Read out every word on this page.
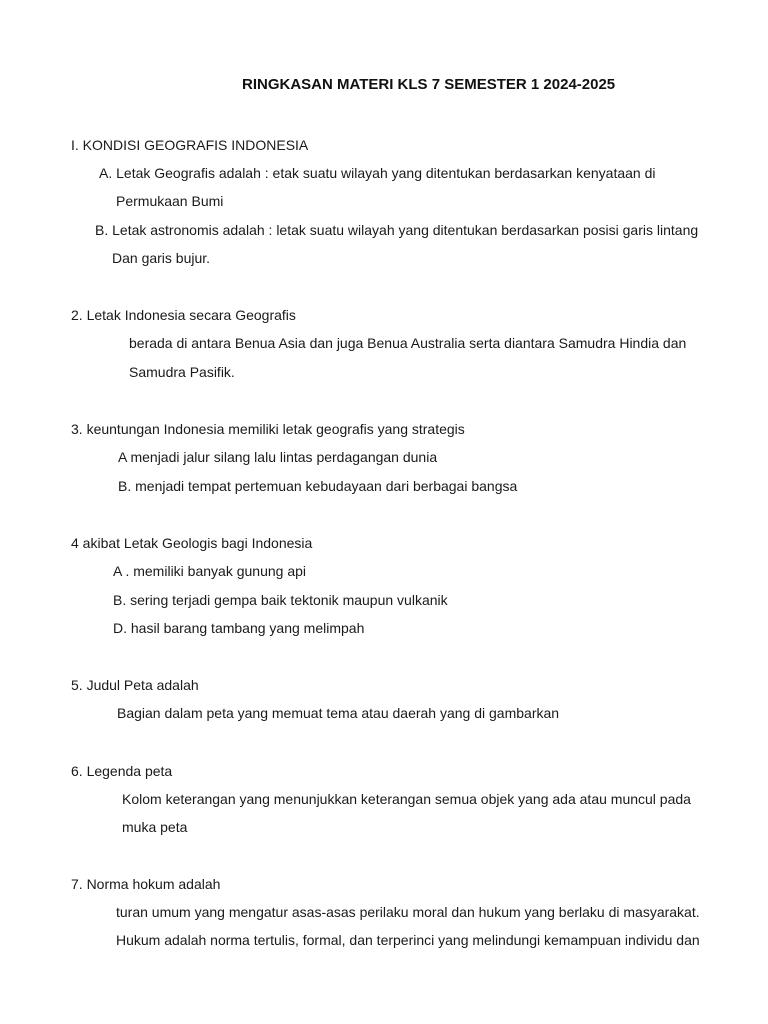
RINGKASAN MATERI KLS 7 SEMESTER 1 2024-2025
I. KONDISI GEOGRAFIS INDONESIA
A. Letak Geografis adalah : etak suatu wilayah yang ditentukan berdasarkan kenyataan di
Permukaan Bumi
B. Letak astronomis adalah : letak suatu wilayah yang ditentukan berdasarkan posisi garis lintang
Dan garis bujur.
2. Letak Indonesia secara Geografis
berada di antara Benua Asia dan juga Benua Australia serta diantara Samudra Hindia dan
Samudra Pasifik.
3. keuntungan Indonesia memiliki letak geografis yang strategis
A menjadi jalur silang lalu lintas perdagangan dunia
B. menjadi tempat pertemuan kebudayaan dari berbagai bangsa
4 akibat Letak Geologis bagi Indonesia
A . memiliki banyak gunung api
B. sering terjadi gempa baik tektonik maupun vulkanik
D. hasil barang tambang yang melimpah
5. Judul Peta adalah
Bagian dalam peta yang memuat tema atau daerah yang di gambarkan
6. Legenda peta
Kolom keterangan yang menunjukkan keterangan semua objek yang ada atau muncul pada
muka peta
7. Norma hokum adalah
turan umum yang mengatur asas-asas perilaku moral dan hukum yang berlaku di masyarakat.
Hukum adalah norma tertulis, formal, dan terperinci yang melindungi kemampuan individu dan
